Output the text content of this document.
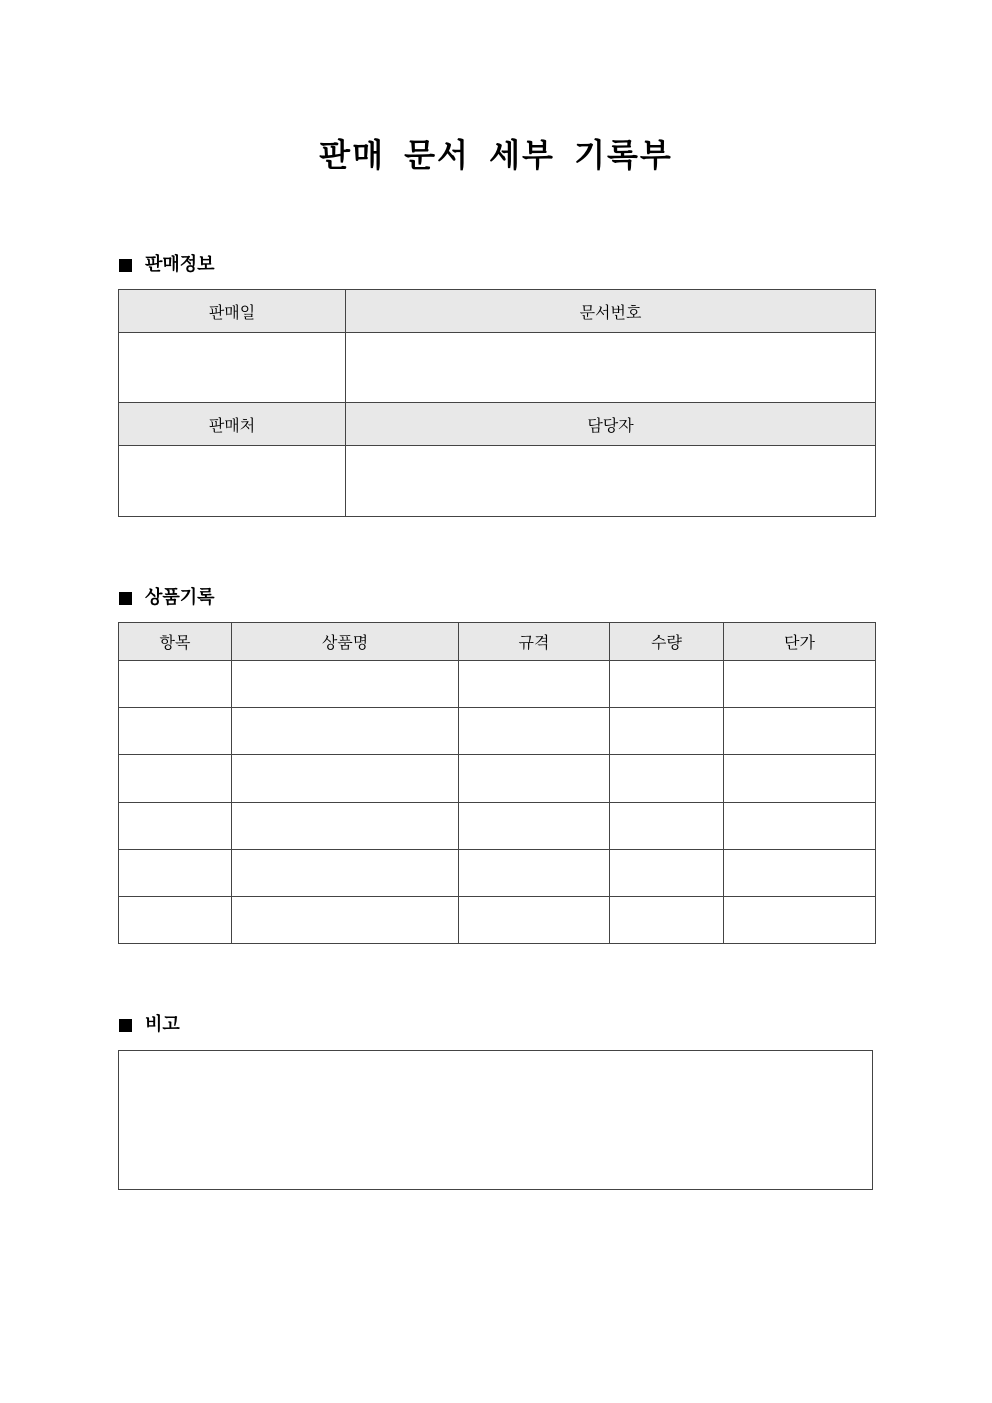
판매 문서 세부 기록부
판매정보
판매일	문서번호

판매처	담당자

상품기록
항목	상품명	규격	수량	단가

비고
